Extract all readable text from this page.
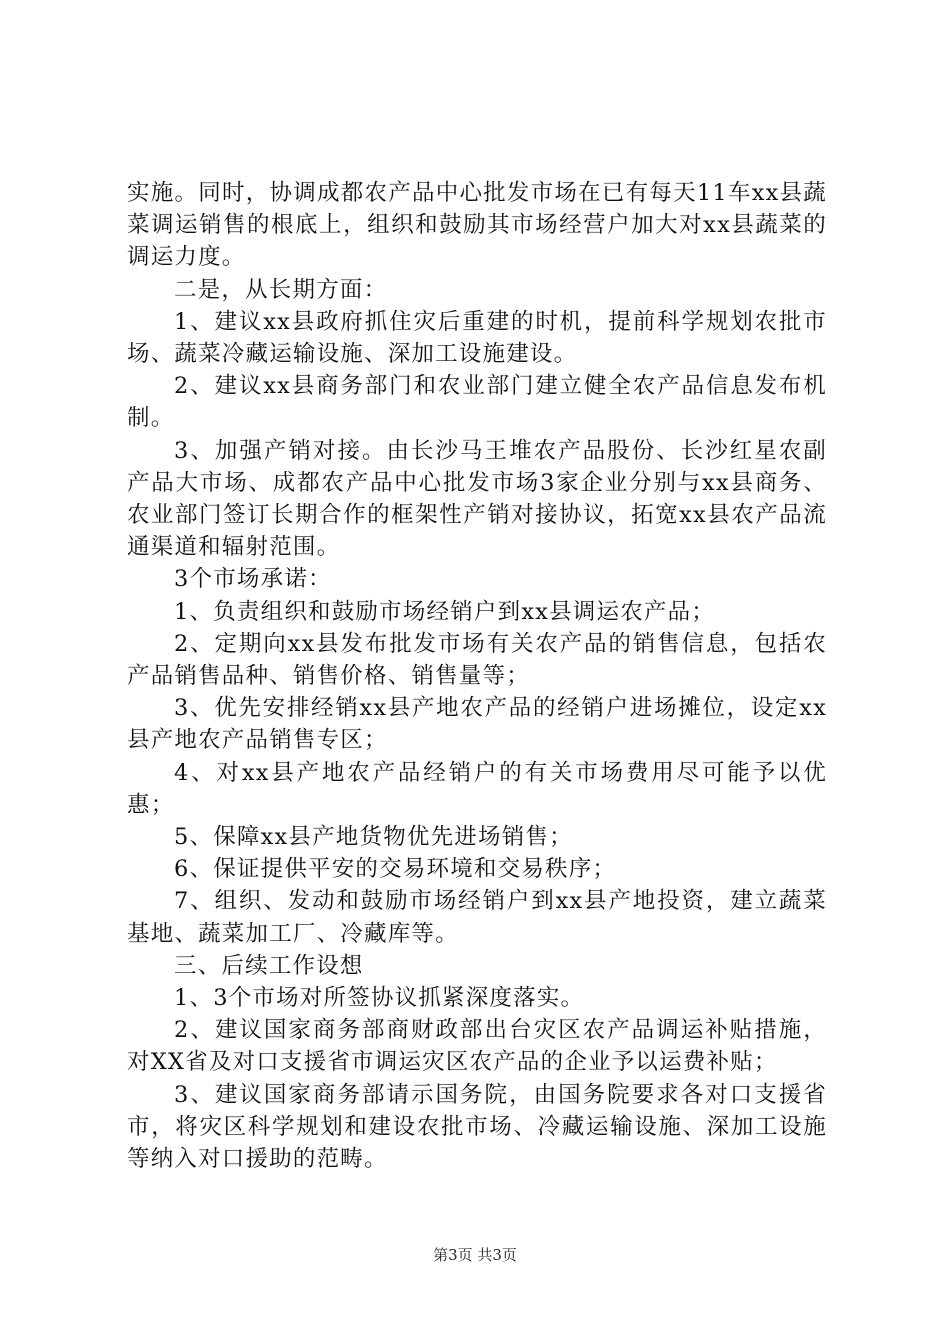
实施。同时，协调成都农产品中心批发市场在已有每天11车xx县蔬菜调运销售的根底上，组织和鼓励其市场经营户加大对xx县蔬菜的调运力度。

二是，从长期方面：

1、建议xx县政府抓住灾后重建的时机，提前科学规划农批市场、蔬菜冷藏运输设施、深加工设施建设。

2、建议xx县商务部门和农业部门建立健全农产品信息发布机制。

3、加强产销对接。由长沙马王堆农产品股份、长沙红星农副产品大市场、成都农产品中心批发市场3家企业分别与xx县商务、农业部门签订长期合作的框架性产销对接协议，拓宽xx县农产品流通渠道和辐射范围。

3个市场承诺：

1、负责组织和鼓励市场经销户到xx县调运农产品；

2、定期向xx县发布批发市场有关农产品的销售信息，包括农产品销售品种、销售价格、销售量等；

3、优先安排经销xx县产地农产品的经销户进场摊位，设定xx县产地农产品销售专区；

4、对xx县产地农产品经销户的有关市场费用尽可能予以优惠；

5、保障xx县产地货物优先进场销售；

6、保证提供平安的交易环境和交易秩序；

7、组织、发动和鼓励市场经销户到xx县产地投资，建立蔬菜基地、蔬菜加工厂、冷藏库等。

三、后续工作设想

1、3个市场对所签协议抓紧深度落实。

2、建议国家商务部商财政部出台灾区农产品调运补贴措施，对XX省及对口支援省市调运灾区农产品的企业予以运费补贴；

3、建议国家商务部请示国务院，由国务院要求各对口支援省市，将灾区科学规划和建设农批市场、冷藏运输设施、深加工设施等纳入对口援助的范畴。

第3页 共3页
